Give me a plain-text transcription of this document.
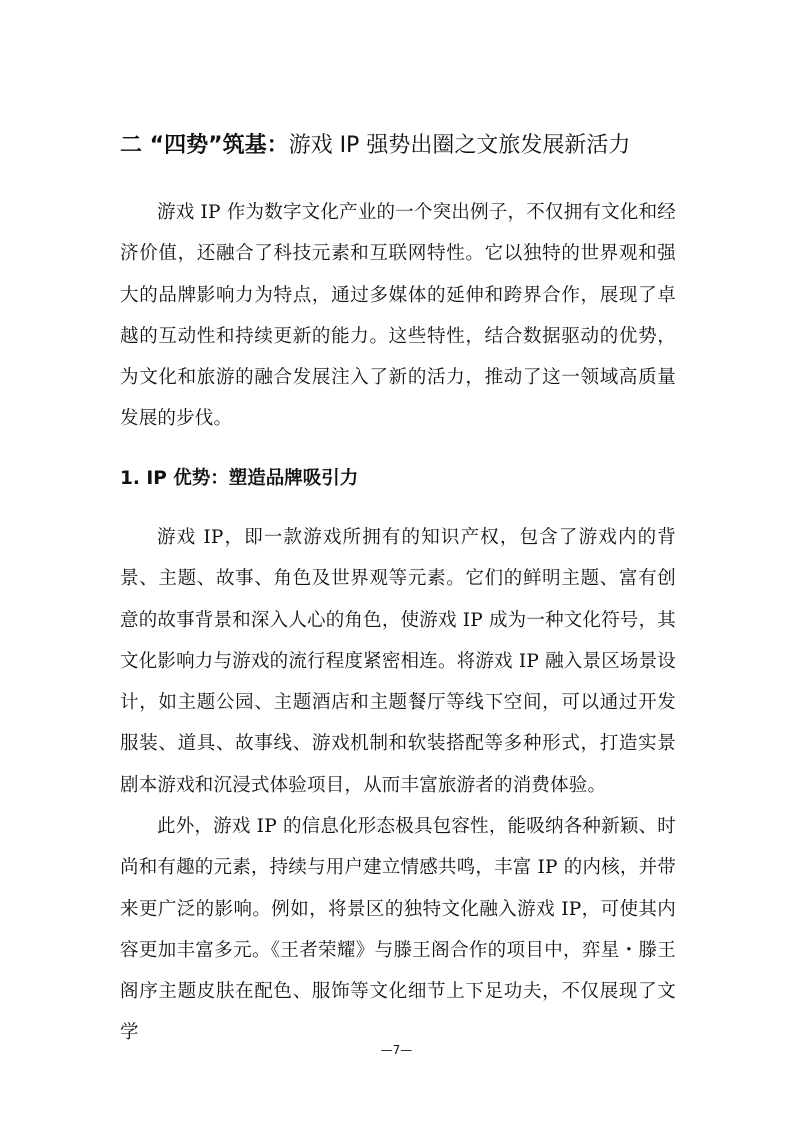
二 “四势”筑基：游戏 IP 强势出圈之文旅发展新活力

游戏 IP 作为数字文化产业的一个突出例子，不仅拥有文化和经济价值，还融合了科技元素和互联网特性。它以独特的世界观和强大的品牌影响力为特点，通过多媒体的延伸和跨界合作，展现了卓越的互动性和持续更新的能力。这些特性，结合数据驱动的优势，为文化和旅游的融合发展注入了新的活力，推动了这一领域高质量发展的步伐。

1. IP 优势：塑造品牌吸引力

游戏 IP，即一款游戏所拥有的知识产权，包含了游戏内的背景、主题、故事、角色及世界观等元素。它们的鲜明主题、富有创意的故事背景和深入人心的角色，使游戏 IP 成为一种文化符号，其文化影响力与游戏的流行程度紧密相连。将游戏 IP 融入景区场景设计，如主题公园、主题酒店和主题餐厅等线下空间，可以通过开发服装、道具、故事线、游戏机制和软装搭配等多种形式，打造实景剧本游戏和沉浸式体验项目，从而丰富旅游者的消费体验。

此外，游戏 IP 的信息化形态极具包容性，能吸纳各种新颖、时尚和有趣的元素，持续与用户建立情感共鸣，丰富 IP 的内核，并带来更广泛的影响。例如，将景区的独特文化融入游戏 IP，可使其内容更加丰富多元。《王者荣耀》与滕王阁合作的项目中，弈星・滕王阁序主题皮肤在配色、服饰等文化细节上下足功夫，不仅展现了文学

—7—
